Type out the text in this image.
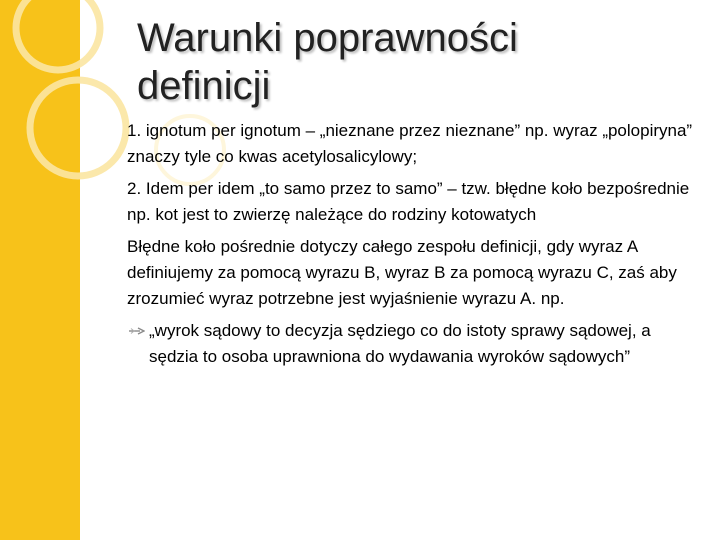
Warunki poprawności
definicji

1. ignotum per ignotum – „nieznane przez nieznane” np. wyraz „polopiryna” znaczy tyle co kwas acetylosalicylowy;

2. Idem per idem „to samo przez to samo” – tzw. błędne koło bezpośrednie np. kot jest to zwierzę należące do rodziny kotowatych

Błędne koło pośrednie dotyczy całego zespołu definicji, gdy wyraz A definiujemy za pomocą wyrazu B, wyraz B za pomocą wyrazu C, zaś aby zrozumieć wyraz potrzebne jest wyjaśnienie wyrazu A. np.

„wyrok sądowy to decyzja sędziego co do istoty sprawy sądowej, a sędzia to osoba uprawniona do wydawania wyroków sądowych”
